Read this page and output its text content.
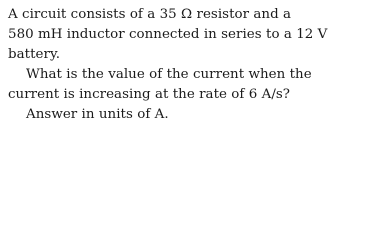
A circuit consists of a 35 Ω resistor and a
580 mH inductor connected in series to a 12 V
battery.
What is the value of the current when the
current is increasing at the rate of 6 A/s?
Answer in units of A.
